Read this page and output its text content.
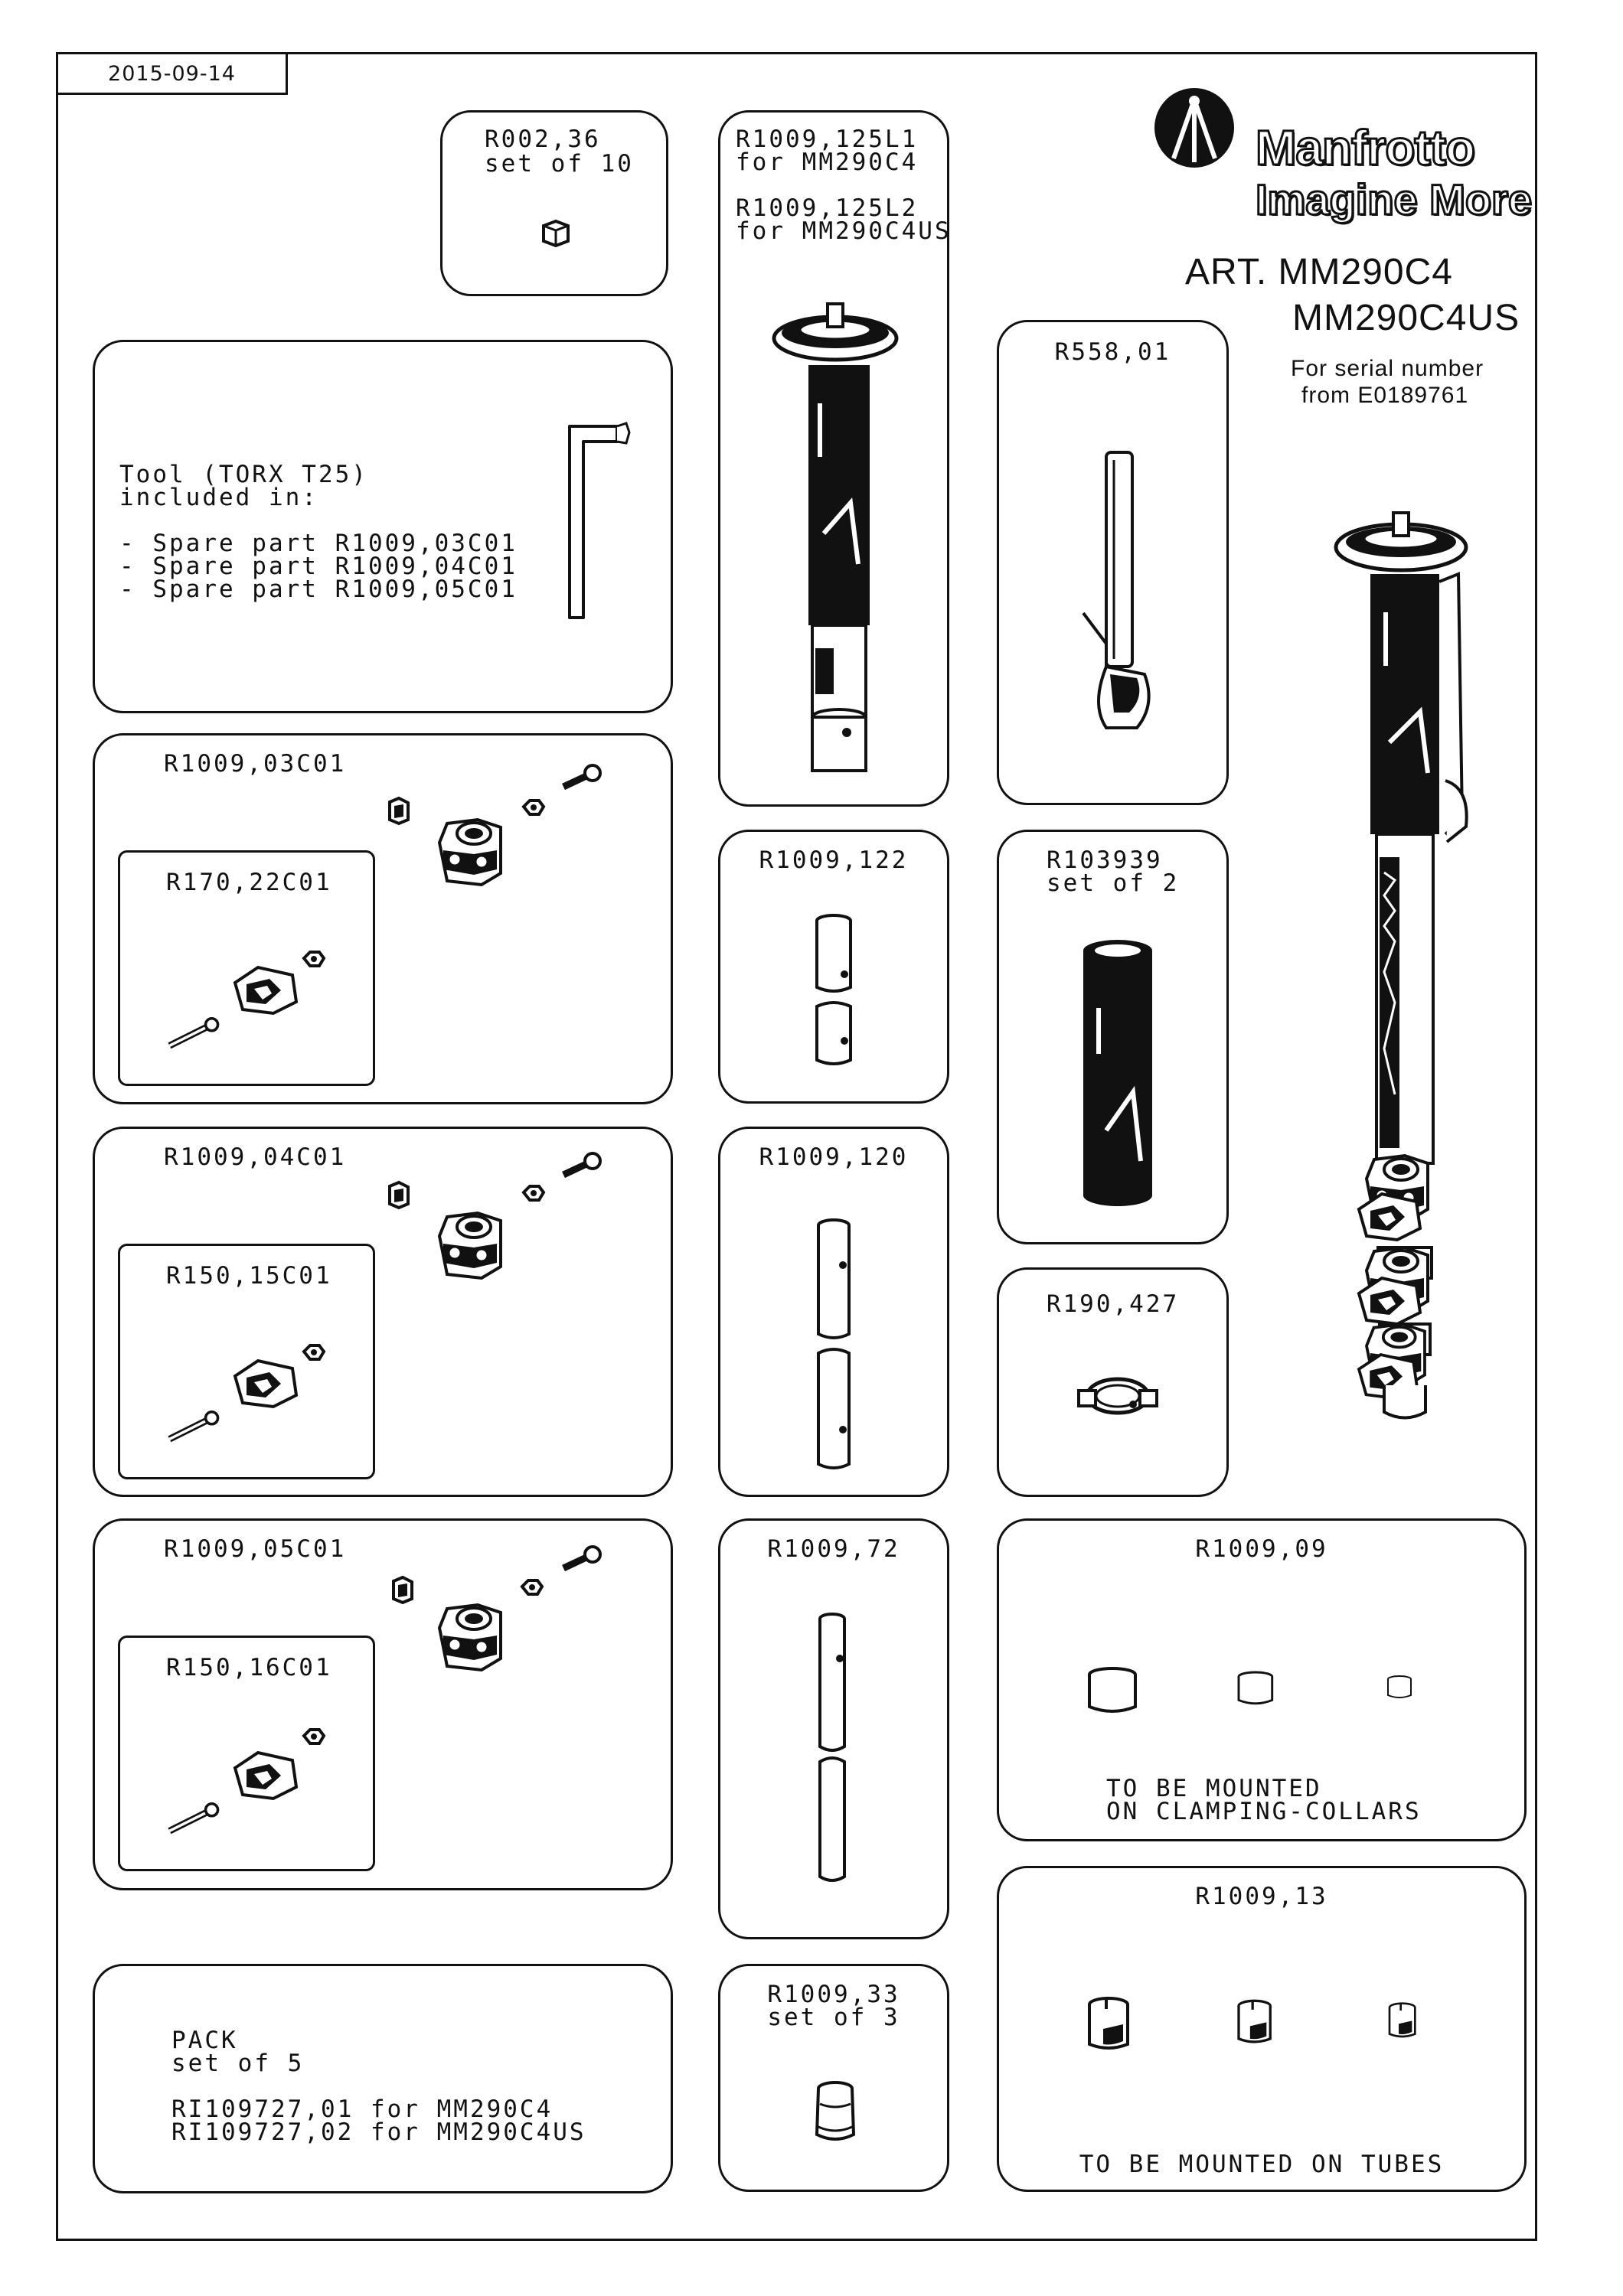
2015-09-14
Manfrotto
Imagine More
ART. MM290C4
MM290C4US
For serial number
from E0189761
R002,36
set of 10
R1009,125L1
for MM290C4
R1009,125L2
for MM290C4US
R558,01
Tool (TORX T25)
included in:
- Spare part R1009,03C01
- Spare part R1009,04C01
- Spare part R1009,05C01
R1009,03C01
R170,22C01
R1009,04C01
R150,15C01
R1009,05C01
R150,16C01
R1009,122
R1009,120
R1009,72
R103939
set of 2
R190,427
R1009,09
TO BE MOUNTED
ON CLAMPING-COLLARS
R1009,13
TO BE MOUNTED ON TUBES
R1009,33
set of 3
PACK
set of 5
RI109727,01 for MM290C4
RI109727,02 for MM290C4US
